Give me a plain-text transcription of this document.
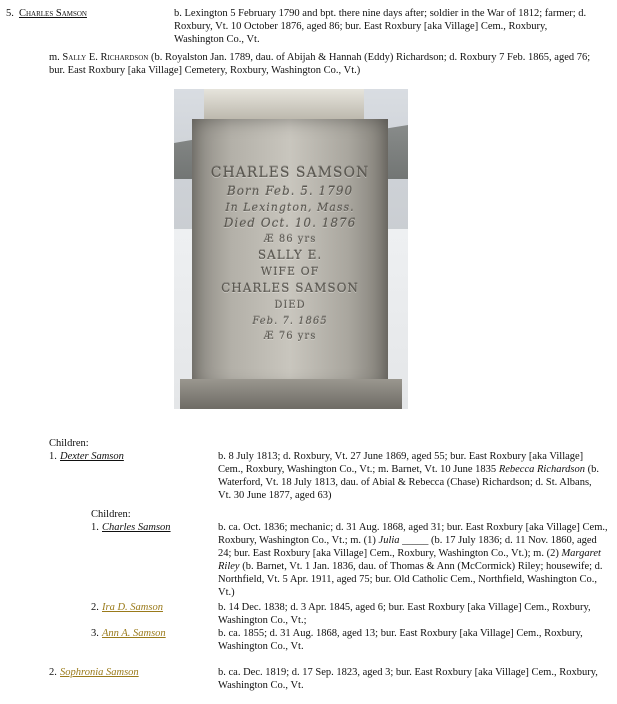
5. Charles Samson	b. Lexington 5 February 1790 and bpt. there nine days after; soldier in the War of 1812; farmer; d. Roxbury, Vt. 10 October 1876, aged 86; bur. East Roxbury [aka Village] Cem., Roxbury, Washington Co., Vt.
m. Sally E. Richardson (b. Royalston Jan. 1789, dau. of Abijah & Hannah (Eddy) Richardson; d. Roxbury 7 Feb. 1865, aged 76; bur. East Roxbury [aka Village] Cemetery, Roxbury, Washington Co., Vt.)
CHARLES SAMSON
Born Feb. 5. 1790
In Lexington, Mass.
Died Oct. 10. 1876
Æ 86 yrs
SALLY E.
WIFE OF
CHARLES SAMSON
DIED
Feb. 7. 1865
Æ 76 yrs
Children:
1. Dexter Samson	b. 8 July 1813; d. Roxbury, Vt. 27 June 1869, aged 55; bur. East Roxbury [aka Village] Cem., Roxbury, Washington Co., Vt.; m. Barnet, Vt. 10 June 1835 Rebecca Richardson (b. Waterford, Vt. 18 July 1813, dau. of Abial & Rebecca (Chase) Richardson; d. St. Albans, Vt. 30 June 1877, aged 63)
Children:
1. Charles Samson	b. ca. Oct. 1836; mechanic; d. 31 Aug. 1868, aged 31; bur. East Roxbury [aka Village] Cem., Roxbury, Washington Co., Vt.; m. (1) Julia _____ (b. 17 July 1836; d. 11 Nov. 1860, aged 24; bur. East Roxbury [aka Village] Cem., Roxbury, Washington Co., Vt.); m. (2) Margaret Riley (b. Barnet, Vt. 1 Jan. 1836, dau. of Thomas & Ann (McCormick) Riley; housewife; d. Northfield, Vt. 5 Apr. 1911, aged 75; bur. Old Catholic Cem., Northfield, Washington Co., Vt.)
2. Ira D. Samson	b. 14 Dec. 1838; d. 3 Apr. 1845, aged 6; bur. East Roxbury [aka Village] Cem., Roxbury, Washington Co., Vt.;
3. Ann A. Samson	b. ca. 1855; d. 31 Aug. 1868, aged 13; bur. East Roxbury [aka Village] Cem., Roxbury, Washington Co., Vt.
2. Sophronia Samson	b. ca. Dec. 1819; d. 17 Sep. 1823, aged 3; bur. East Roxbury [aka Village] Cem., Roxbury, Washington Co., Vt.
